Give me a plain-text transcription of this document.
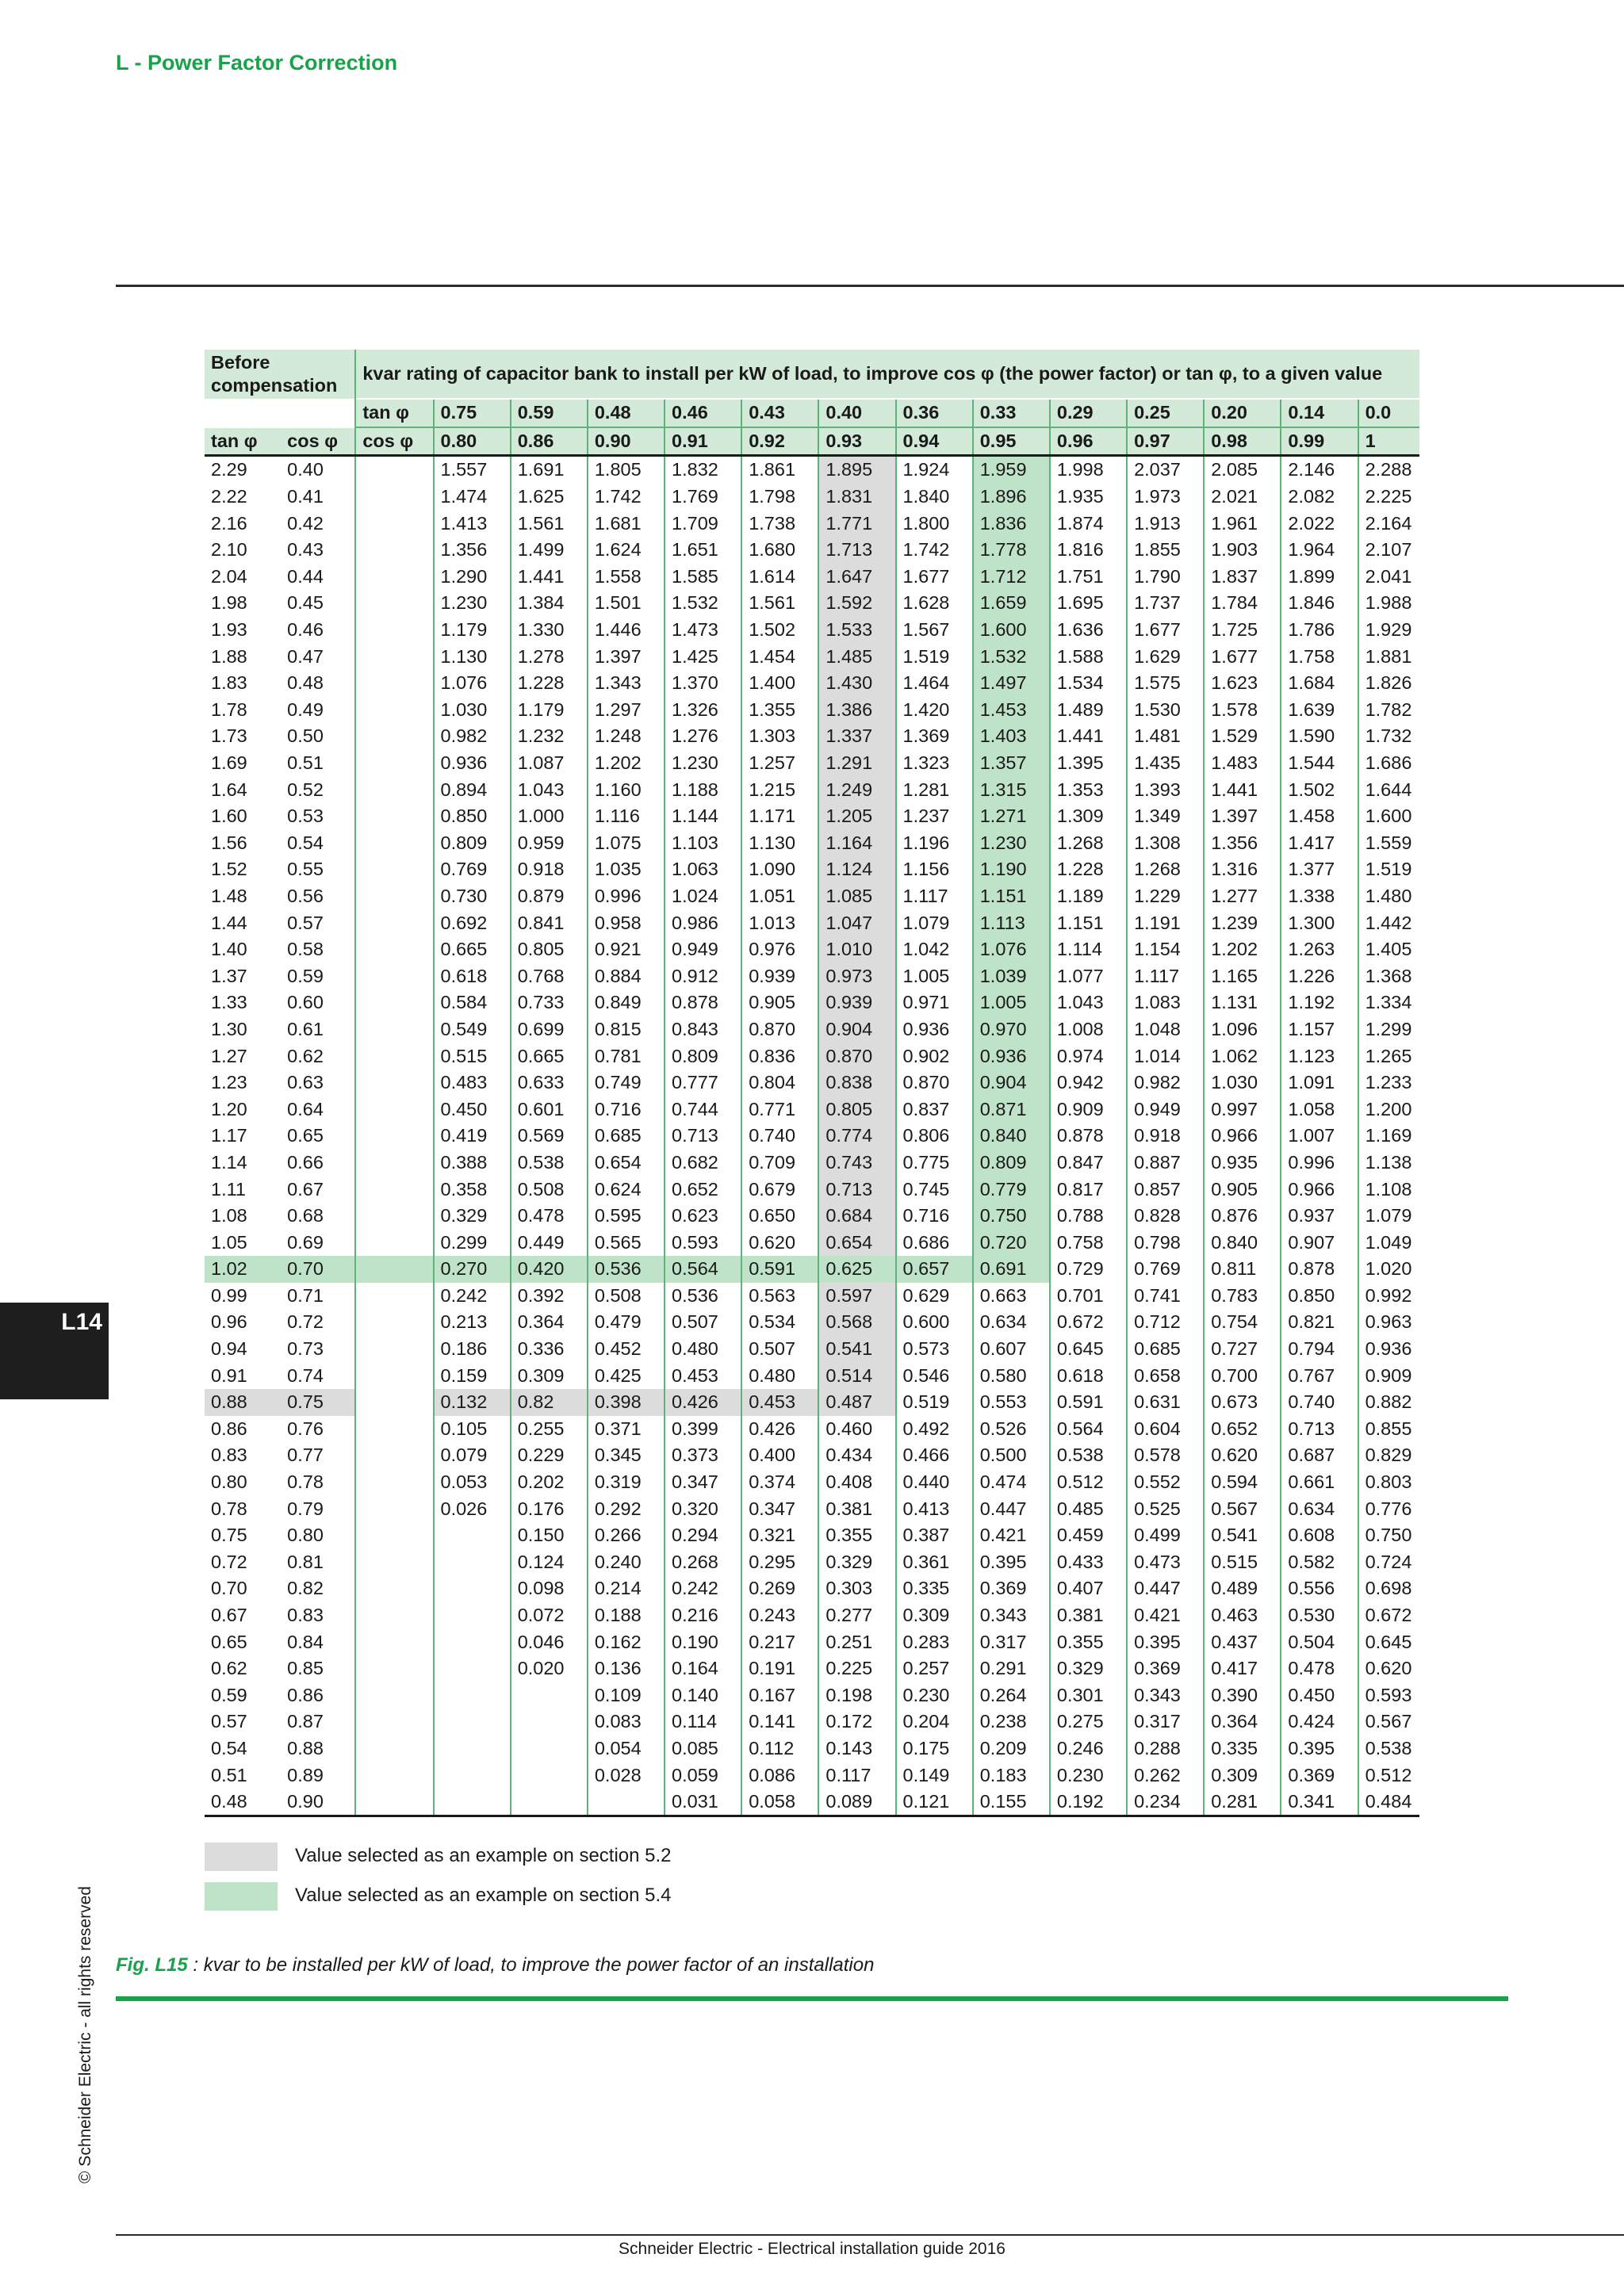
L - Power Factor Correction
Before compensation		kvar rating of capacitor bank to install per kW of load, to improve cos φ (the power factor) or tan φ, to a given value													
		tan φ	0.75	0.59	0.48	0.46	0.43	0.40	0.36	0.33	0.29	0.25	0.20	0.14	0.0
tan φ	cos φ	cos φ	0.80	0.86	0.90	0.91	0.92	0.93	0.94	0.95	0.96	0.97	0.98	0.99	1
2.29	0.40		1.557	1.691	1.805	1.832	1.861	1.895	1.924	1.959	1.998	2.037	2.085	2.146	2.288
2.22	0.41		1.474	1.625	1.742	1.769	1.798	1.831	1.840	1.896	1.935	1.973	2.021	2.082	2.225
2.16	0.42		1.413	1.561	1.681	1.709	1.738	1.771	1.800	1.836	1.874	1.913	1.961	2.022	2.164
2.10	0.43		1.356	1.499	1.624	1.651	1.680	1.713	1.742	1.778	1.816	1.855	1.903	1.964	2.107
2.04	0.44		1.290	1.441	1.558	1.585	1.614	1.647	1.677	1.712	1.751	1.790	1.837	1.899	2.041
1.98	0.45		1.230	1.384	1.501	1.532	1.561	1.592	1.628	1.659	1.695	1.737	1.784	1.846	1.988
1.93	0.46		1.179	1.330	1.446	1.473	1.502	1.533	1.567	1.600	1.636	1.677	1.725	1.786	1.929
1.88	0.47		1.130	1.278	1.397	1.425	1.454	1.485	1.519	1.532	1.588	1.629	1.677	1.758	1.881
1.83	0.48		1.076	1.228	1.343	1.370	1.400	1.430	1.464	1.497	1.534	1.575	1.623	1.684	1.826
1.78	0.49		1.030	1.179	1.297	1.326	1.355	1.386	1.420	1.453	1.489	1.530	1.578	1.639	1.782
1.73	0.50		0.982	1.232	1.248	1.276	1.303	1.337	1.369	1.403	1.441	1.481	1.529	1.590	1.732
1.69	0.51		0.936	1.087	1.202	1.230	1.257	1.291	1.323	1.357	1.395	1.435	1.483	1.544	1.686
1.64	0.52		0.894	1.043	1.160	1.188	1.215	1.249	1.281	1.315	1.353	1.393	1.441	1.502	1.644
1.60	0.53		0.850	1.000	1.116	1.144	1.171	1.205	1.237	1.271	1.309	1.349	1.397	1.458	1.600
1.56	0.54		0.809	0.959	1.075	1.103	1.130	1.164	1.196	1.230	1.268	1.308	1.356	1.417	1.559
1.52	0.55		0.769	0.918	1.035	1.063	1.090	1.124	1.156	1.190	1.228	1.268	1.316	1.377	1.519
1.48	0.56		0.730	0.879	0.996	1.024	1.051	1.085	1.117	1.151	1.189	1.229	1.277	1.338	1.480
1.44	0.57		0.692	0.841	0.958	0.986	1.013	1.047	1.079	1.113	1.151	1.191	1.239	1.300	1.442
1.40	0.58		0.665	0.805	0.921	0.949	0.976	1.010	1.042	1.076	1.114	1.154	1.202	1.263	1.405
1.37	0.59		0.618	0.768	0.884	0.912	0.939	0.973	1.005	1.039	1.077	1.117	1.165	1.226	1.368
1.33	0.60		0.584	0.733	0.849	0.878	0.905	0.939	0.971	1.005	1.043	1.083	1.131	1.192	1.334
1.30	0.61		0.549	0.699	0.815	0.843	0.870	0.904	0.936	0.970	1.008	1.048	1.096	1.157	1.299
1.27	0.62		0.515	0.665	0.781	0.809	0.836	0.870	0.902	0.936	0.974	1.014	1.062	1.123	1.265
1.23	0.63		0.483	0.633	0.749	0.777	0.804	0.838	0.870	0.904	0.942	0.982	1.030	1.091	1.233
1.20	0.64		0.450	0.601	0.716	0.744	0.771	0.805	0.837	0.871	0.909	0.949	0.997	1.058	1.200
1.17	0.65		0.419	0.569	0.685	0.713	0.740	0.774	0.806	0.840	0.878	0.918	0.966	1.007	1.169
1.14	0.66		0.388	0.538	0.654	0.682	0.709	0.743	0.775	0.809	0.847	0.887	0.935	0.996	1.138
1.11	0.67		0.358	0.508	0.624	0.652	0.679	0.713	0.745	0.779	0.817	0.857	0.905	0.966	1.108
1.08	0.68		0.329	0.478	0.595	0.623	0.650	0.684	0.716	0.750	0.788	0.828	0.876	0.937	1.079
1.05	0.69		0.299	0.449	0.565	0.593	0.620	0.654	0.686	0.720	0.758	0.798	0.840	0.907	1.049
1.02	0.70		0.270	0.420	0.536	0.564	0.591	0.625	0.657	0.691	0.729	0.769	0.811	0.878	1.020
0.99	0.71		0.242	0.392	0.508	0.536	0.563	0.597	0.629	0.663	0.701	0.741	0.783	0.850	0.992
0.96	0.72		0.213	0.364	0.479	0.507	0.534	0.568	0.600	0.634	0.672	0.712	0.754	0.821	0.963
0.94	0.73		0.186	0.336	0.452	0.480	0.507	0.541	0.573	0.607	0.645	0.685	0.727	0.794	0.936
0.91	0.74		0.159	0.309	0.425	0.453	0.480	0.514	0.546	0.580	0.618	0.658	0.700	0.767	0.909
0.88	0.75		0.132	0.82	0.398	0.426	0.453	0.487	0.519	0.553	0.591	0.631	0.673	0.740	0.882
0.86	0.76		0.105	0.255	0.371	0.399	0.426	0.460	0.492	0.526	0.564	0.604	0.652	0.713	0.855
0.83	0.77		0.079	0.229	0.345	0.373	0.400	0.434	0.466	0.500	0.538	0.578	0.620	0.687	0.829
0.80	0.78		0.053	0.202	0.319	0.347	0.374	0.408	0.440	0.474	0.512	0.552	0.594	0.661	0.803
0.78	0.79		0.026	0.176	0.292	0.320	0.347	0.381	0.413	0.447	0.485	0.525	0.567	0.634	0.776
0.75	0.80			0.150	0.266	0.294	0.321	0.355	0.387	0.421	0.459	0.499	0.541	0.608	0.750
0.72	0.81			0.124	0.240	0.268	0.295	0.329	0.361	0.395	0.433	0.473	0.515	0.582	0.724
0.70	0.82			0.098	0.214	0.242	0.269	0.303	0.335	0.369	0.407	0.447	0.489	0.556	0.698
0.67	0.83			0.072	0.188	0.216	0.243	0.277	0.309	0.343	0.381	0.421	0.463	0.530	0.672
0.65	0.84			0.046	0.162	0.190	0.217	0.251	0.283	0.317	0.355	0.395	0.437	0.504	0.645
0.62	0.85			0.020	0.136	0.164	0.191	0.225	0.257	0.291	0.329	0.369	0.417	0.478	0.620
0.59	0.86				0.109	0.140	0.167	0.198	0.230	0.264	0.301	0.343	0.390	0.450	0.593
0.57	0.87				0.083	0.114	0.141	0.172	0.204	0.238	0.275	0.317	0.364	0.424	0.567
0.54	0.88				0.054	0.085	0.112	0.143	0.175	0.209	0.246	0.288	0.335	0.395	0.538
0.51	0.89				0.028	0.059	0.086	0.117	0.149	0.183	0.230	0.262	0.309	0.369	0.512
0.48	0.90					0.031	0.058	0.089	0.121	0.155	0.192	0.234	0.281	0.341	0.484
Value selected as an example on section 5.2
Value selected as an example on section 5.4
Fig. L15 : kvar to be installed per kW of load, to improve the power factor of an installation
L14
© Schneider Electric - all rights reserved
Schneider Electric - Electrical installation guide 2016
